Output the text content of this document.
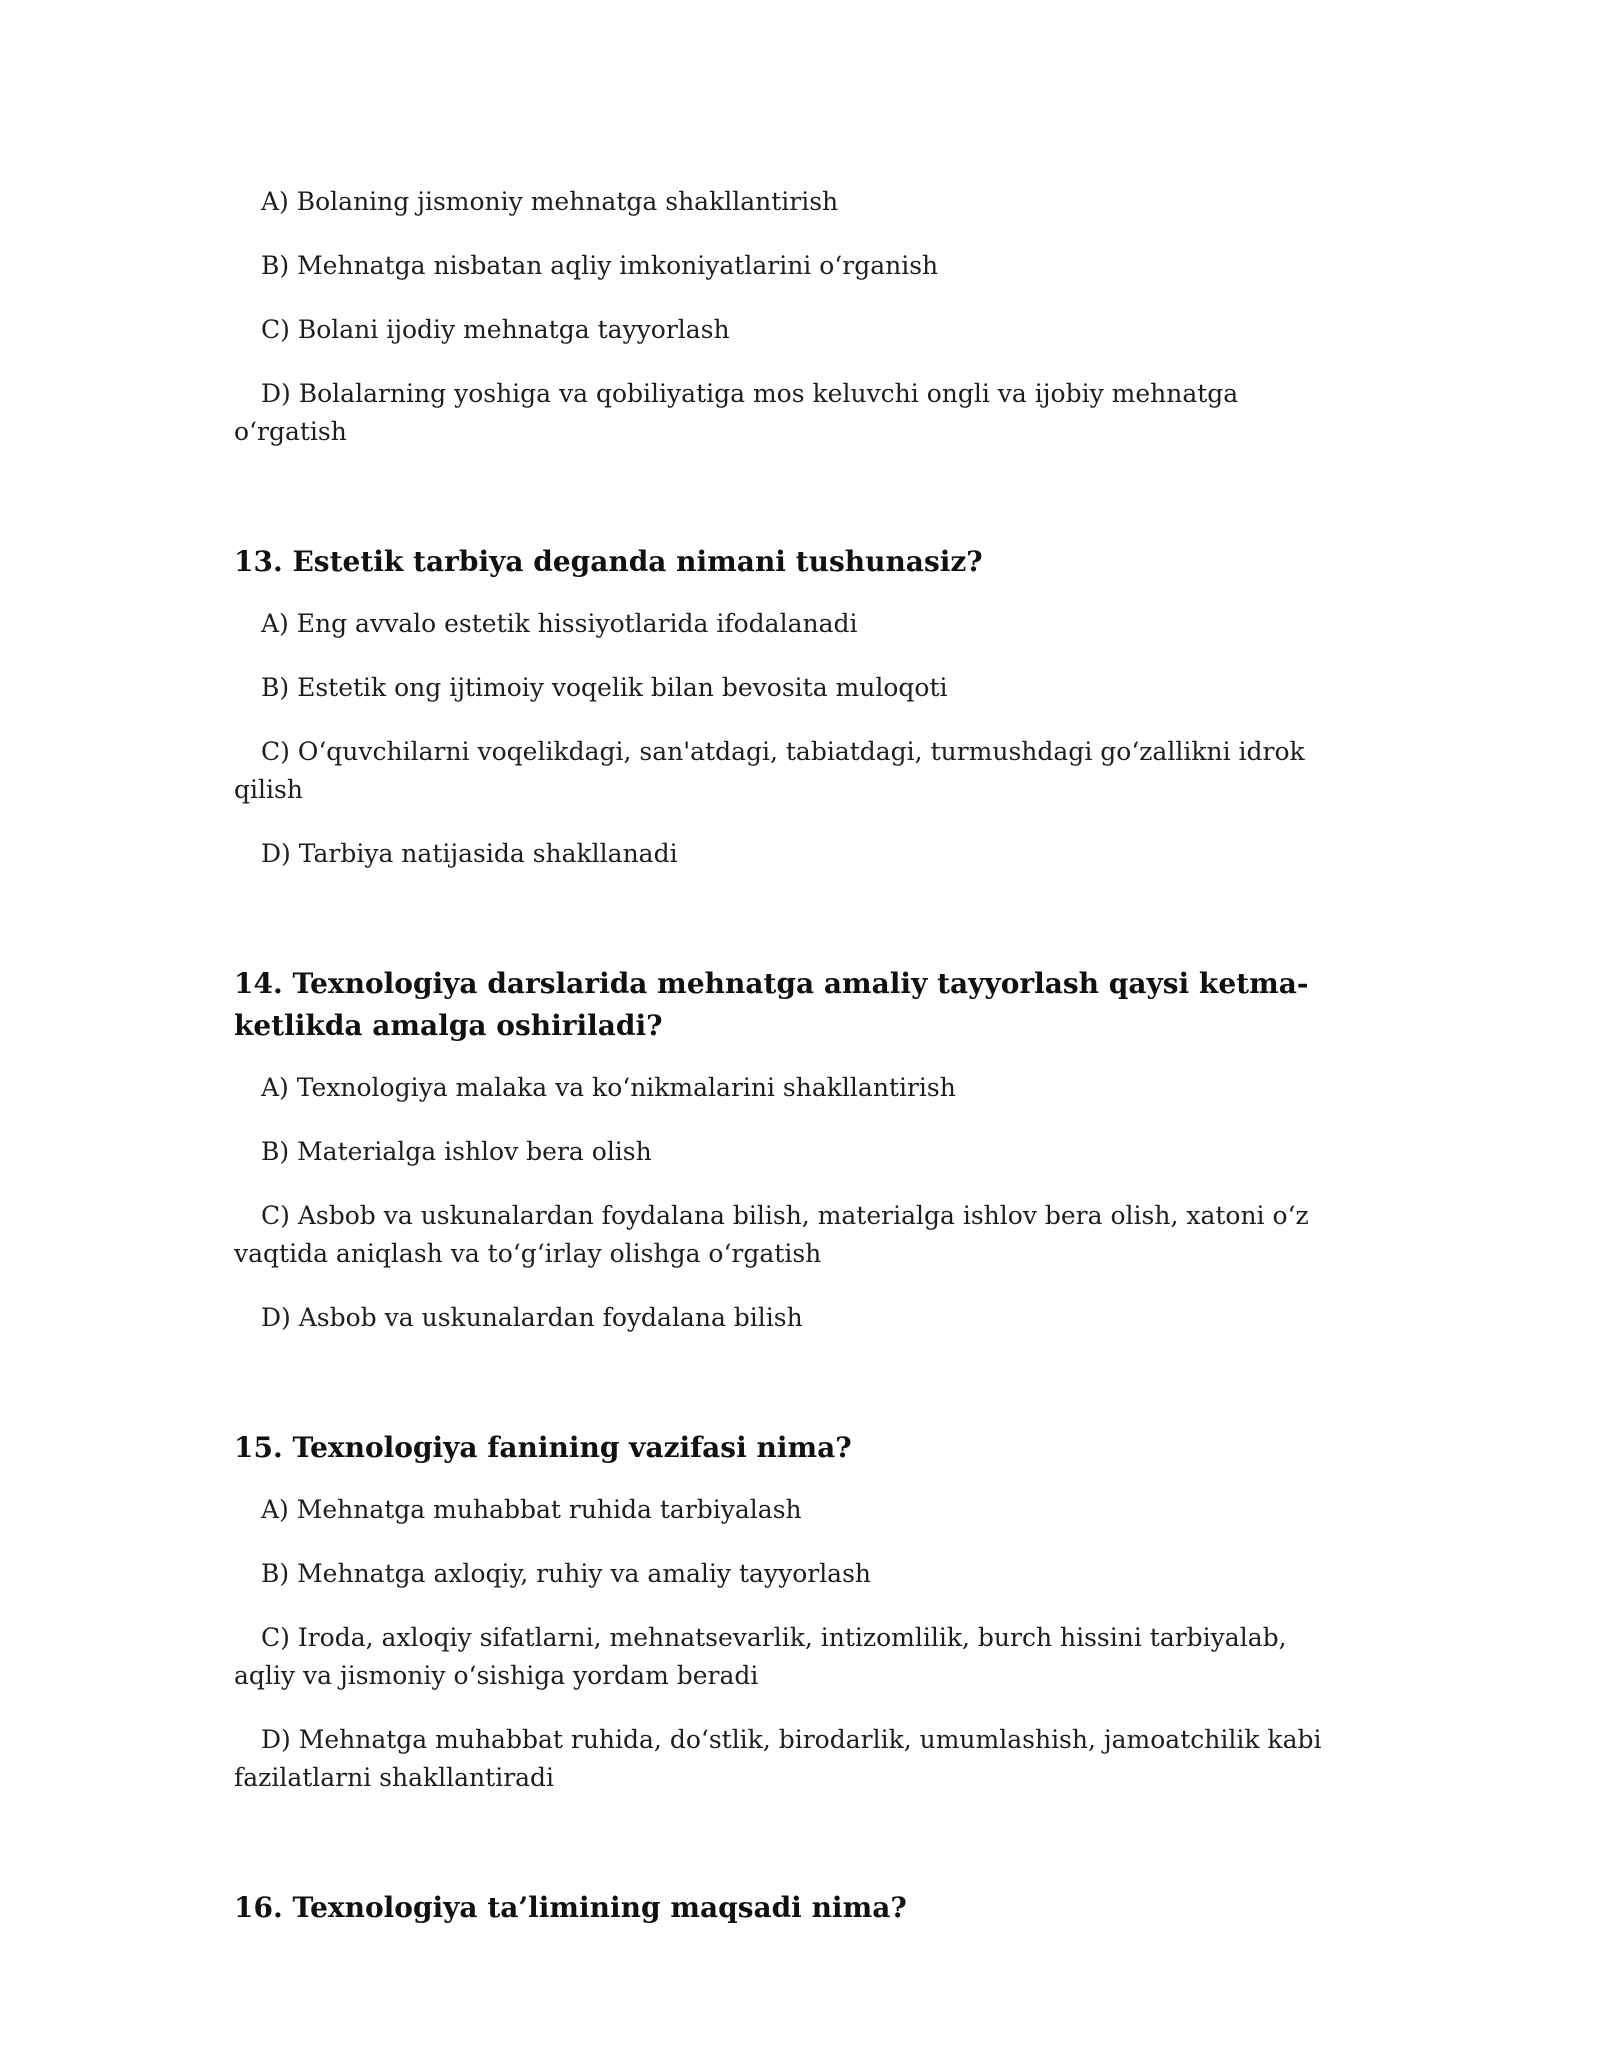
A) Bolaning jismoniy mehnatga shakllantirish

B) Mehnatga nisbatan aqliy imkoniyatlarini o‘rganish

C) Bolani ijodiy mehnatga tayyorlash

D) Bolalarning yoshiga va qobiliyatiga mos keluvchi ongli va ijobiy mehnatga o‘rgatish

13. Estetik tarbiya deganda nimani tushunasiz?

A) Eng avvalo estetik hissiyotlarida ifodalanadi

B) Estetik ong ijtimoiy voqelik bilan bevosita muloqoti

C) O‘quvchilarni voqelikdagi, san'atdagi, tabiatdagi, turmushdagi go‘zallikni idrok qilish

D) Tarbiya natijasida shakllanadi

14. Texnologiya darslarida mehnatga amaliy tayyorlash qaysi ketma-ketlikda amalga oshiriladi?

A) Texnologiya malaka va ko‘nikmalarini shakllantirish

B) Materialga ishlov bera olish

C) Asbob va uskunalardan foydalana bilish, materialga ishlov bera olish, xatoni o‘z vaqtida aniqlash va to‘g‘irlay olishga o‘rgatish

D) Asbob va uskunalardan foydalana bilish

15. Texnologiya fanining vazifasi nima?

A) Mehnatga muhabbat ruhida tarbiyalash

B) Mehnatga axloqiy, ruhiy va amaliy tayyorlash

C) Iroda, axloqiy sifatlarni, mehnatsevarlik, intizomlilik, burch hissini tarbiyalab, aqliy va jismoniy o‘sishiga yordam beradi

D) Mehnatga muhabbat ruhida, do‘stlik, birodarlik, umumlashish, jamoatchilik kabi fazilatlarni shakllantiradi

16. Texnologiya ta’limining maqsadi nima?
